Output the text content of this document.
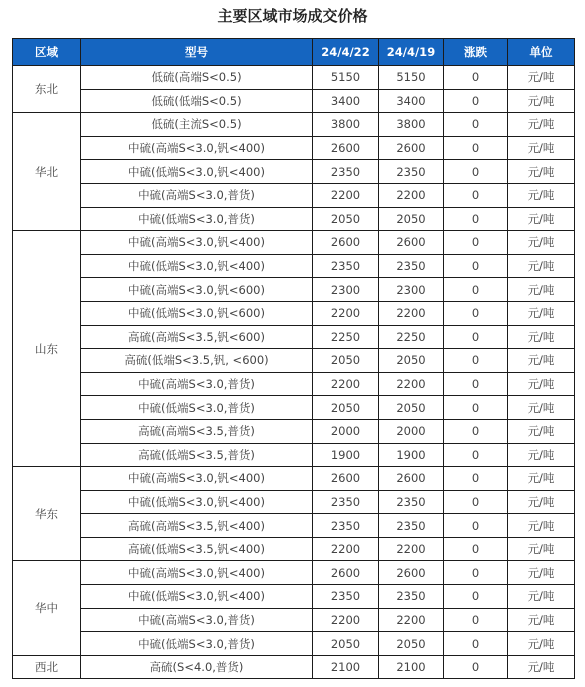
主要区域市场成交价格
区域	型号	24/4/22	24/4/19	涨跌	单位
东北	低硫(高端S<0.5)	5150	5150	0	元/吨
	低硫(低端S<0.5)	3400	3400	0	元/吨
华北	低硫(主流S<0.5)	3800	3800	0	元/吨
	中硫(高端S<3.0,钒<400)	2600	2600	0	元/吨
	中硫(低端S<3.0,钒<400)	2350	2350	0	元/吨
	中硫(高端S<3.0,普货)	2200	2200	0	元/吨
	中硫(低端S<3.0,普货)	2050	2050	0	元/吨
山东	中硫(高端S<3.0,钒<400)	2600	2600	0	元/吨
	中硫(低端S<3.0,钒<400)	2350	2350	0	元/吨
	中硫(高端S<3.0,钒<600)	2300	2300	0	元/吨
	中硫(低端S<3.0,钒<600)	2200	2200	0	元/吨
	高硫(高端S<3.5,钒<600)	2250	2250	0	元/吨
	高硫(低端S<3.5,钒, <600)	2050	2050	0	元/吨
	中硫(高端S<3.0,普货)	2200	2200	0	元/吨
	中硫(低端S<3.0,普货)	2050	2050	0	元/吨
	高硫(高端S<3.5,普货)	2000	2000	0	元/吨
	高硫(低端S<3.5,普货)	1900	1900	0	元/吨
华东	中硫(高端S<3.0,钒<400)	2600	2600	0	元/吨
	中硫(低端S<3.0,钒<400)	2350	2350	0	元/吨
	高硫(高端S<3.5,钒<400)	2350	2350	0	元/吨
	高硫(低端S<3.5,钒<400)	2200	2200	0	元/吨
华中	中硫(高端S<3.0,钒<400)	2600	2600	0	元/吨
	中硫(低端S<3.0,钒<400)	2350	2350	0	元/吨
	中硫(高端S<3.0,普货)	2200	2200	0	元/吨
	中硫(低端S<3.0,普货)	2050	2050	0	元/吨
西北	高硫(S<4.0,普货)	2100	2100	0	元/吨
